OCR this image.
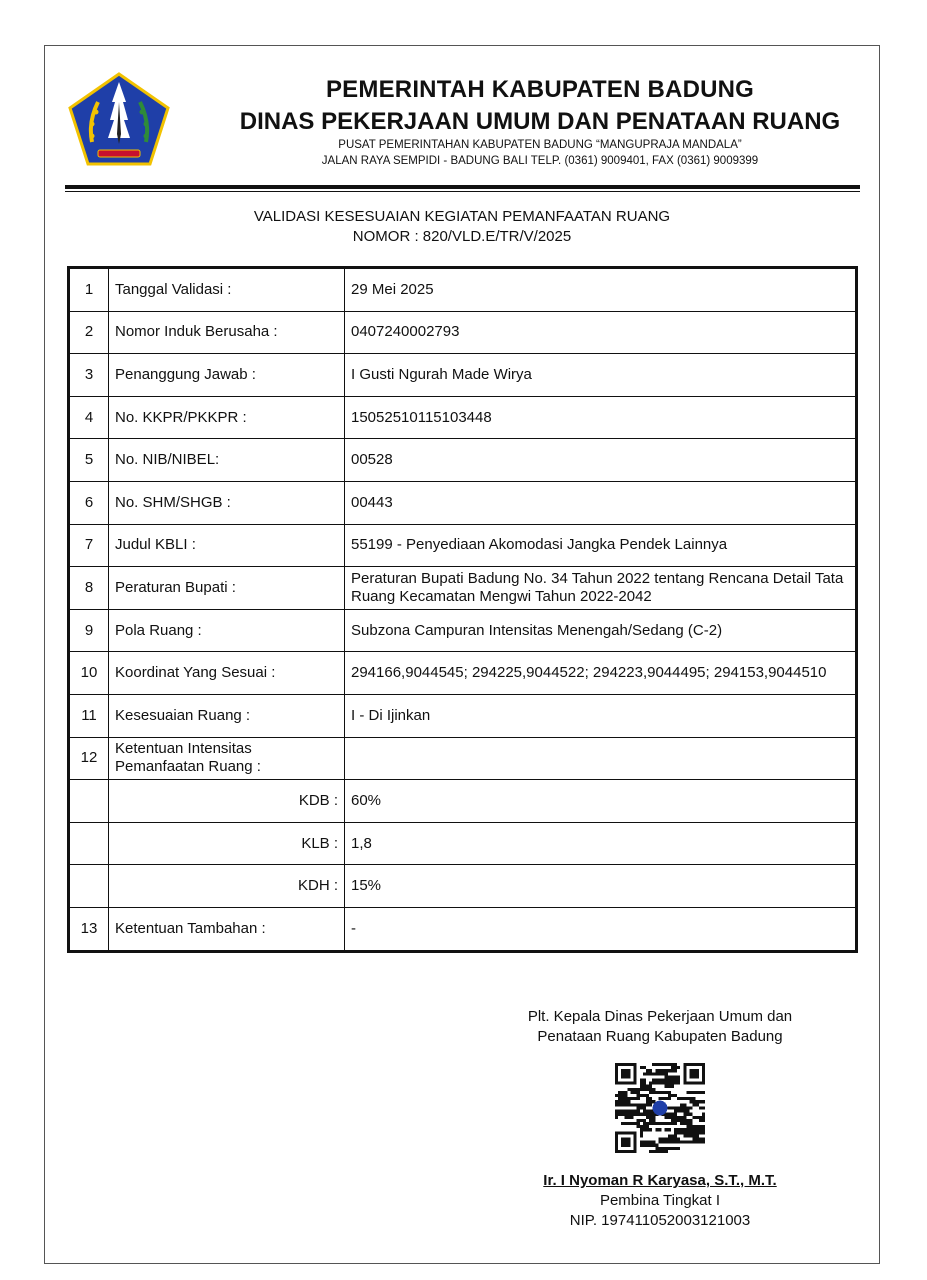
PEMERINTAH KABUPATEN BADUNG

DINAS PEKERJAAN UMUM DAN PENATAAN RUANG

PUSAT PEMERINTAHAN KABUPATEN BADUNG “MANGUPRAJA MANDALA”

JALAN RAYA SEMPIDI - BADUNG BALI TELP. (0361) 9009401, FAX (0361) 9009399

VALIDASI KESESUAIAN KEGIATAN PEMANFAATAN RUANG

NOMOR : 820/VLD.E/TR/V/2025

1	Tanggal Validasi :	29 Mei 2025
2	Nomor Induk Berusaha :	0407240002793
3	Penanggung Jawab :	I Gusti Ngurah Made Wirya
4	No. KKPR/PKKPR :	15052510115103448
5	No. NIB/NIBEL:	00528
6	No. SHM/SHGB :	00443
7	Judul KBLI :	55199 - Penyediaan Akomodasi Jangka Pendek Lainnya
8	Peraturan Bupati :	Peraturan Bupati Badung No. 34 Tahun 2022 tentang Rencana Detail Tata Ruang Kecamatan Mengwi Tahun 2022-2042
9	Pola Ruang :	Subzona Campuran Intensitas Menengah/Sedang (C-2)
10	Koordinat Yang Sesuai :	294166,9044545; 294225,9044522; 294223,9044495; 294153,9044510
11	Kesesuaian Ruang :	I - Di Ijinkan
12	Ketentuan Intensitas Pemanfaatan Ruang :	
	KDB :	60%
	KLB :	1,8
	KDH :	15%
13	Ketentuan Tambahan :	-

Plt. Kepala Dinas Pekerjaan Umum dan

Penataan Ruang Kabupaten Badung

Ir. I Nyoman R Karyasa, S.T., M.T.

Pembina Tingkat I

NIP. 197411052003121003
